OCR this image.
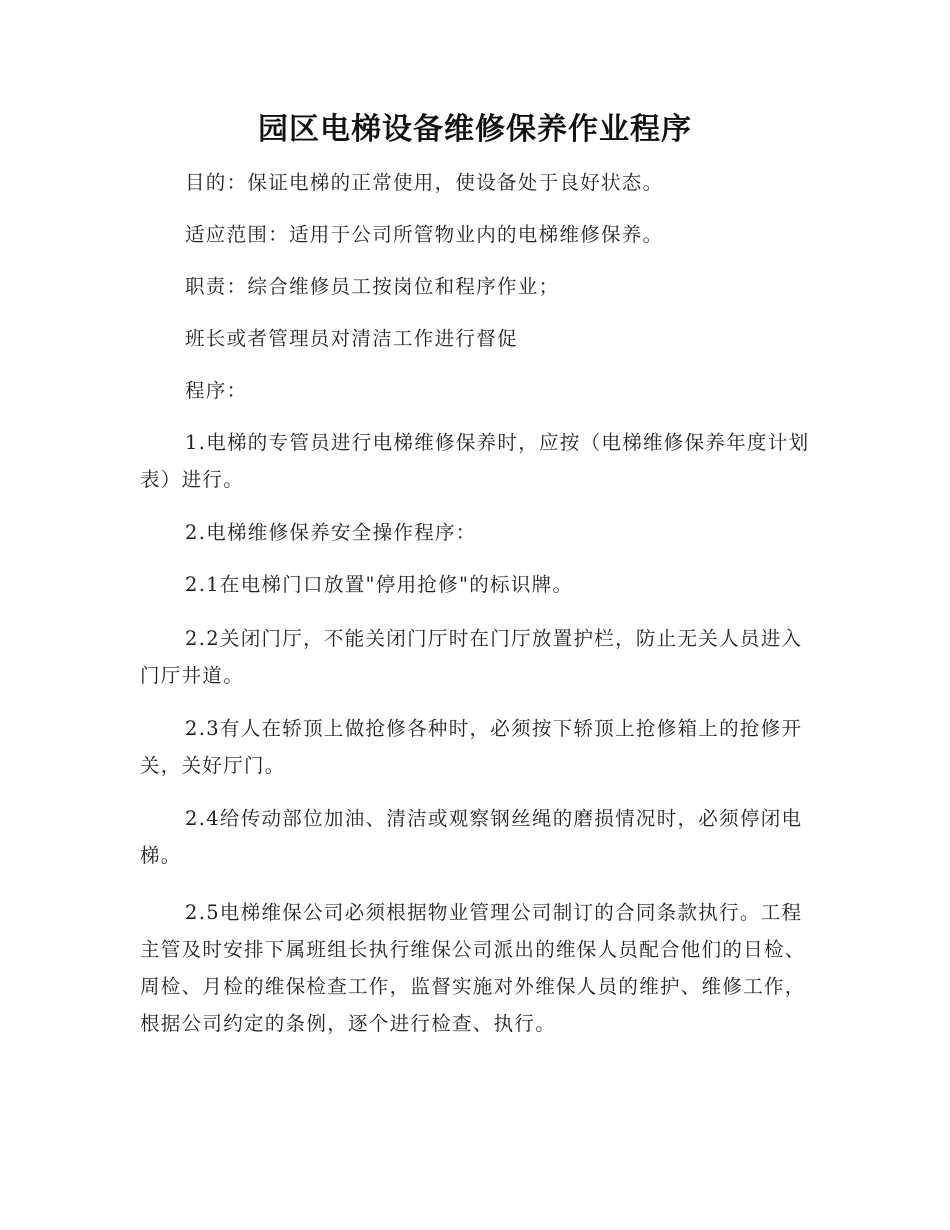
园区电梯设备维修保养作业程序

目的：保证电梯的正常使用，使设备处于良好状态。

适应范围：适用于公司所管物业内的电梯维修保养。

职责：综合维修员工按岗位和程序作业；

班长或者管理员对清洁工作进行督促

程序：

1.电梯的专管员进行电梯维修保养时，应按（电梯维修保养年度计划表）进行。

2.电梯维修保养安全操作程序：

2.1在电梯门口放置"停用抢修"的标识牌。

2.2关闭门厅，不能关闭门厅时在门厅放置护栏，防止无关人员进入门厅井道。

2.3有人在轿顶上做抢修各种时，必须按下轿顶上抢修箱上的抢修开关，关好厅门。

2.4给传动部位加油、清洁或观察钢丝绳的磨损情况时，必须停闭电梯。

2.5电梯维保公司必须根据物业管理公司制订的合同条款执行。工程主管及时安排下属班组长执行维保公司派出的维保人员配合他们的日检、周检、月检的维保检查工作，监督实施对外维保人员的维护、维修工作，根据公司约定的条例，逐个进行检查、执行。
